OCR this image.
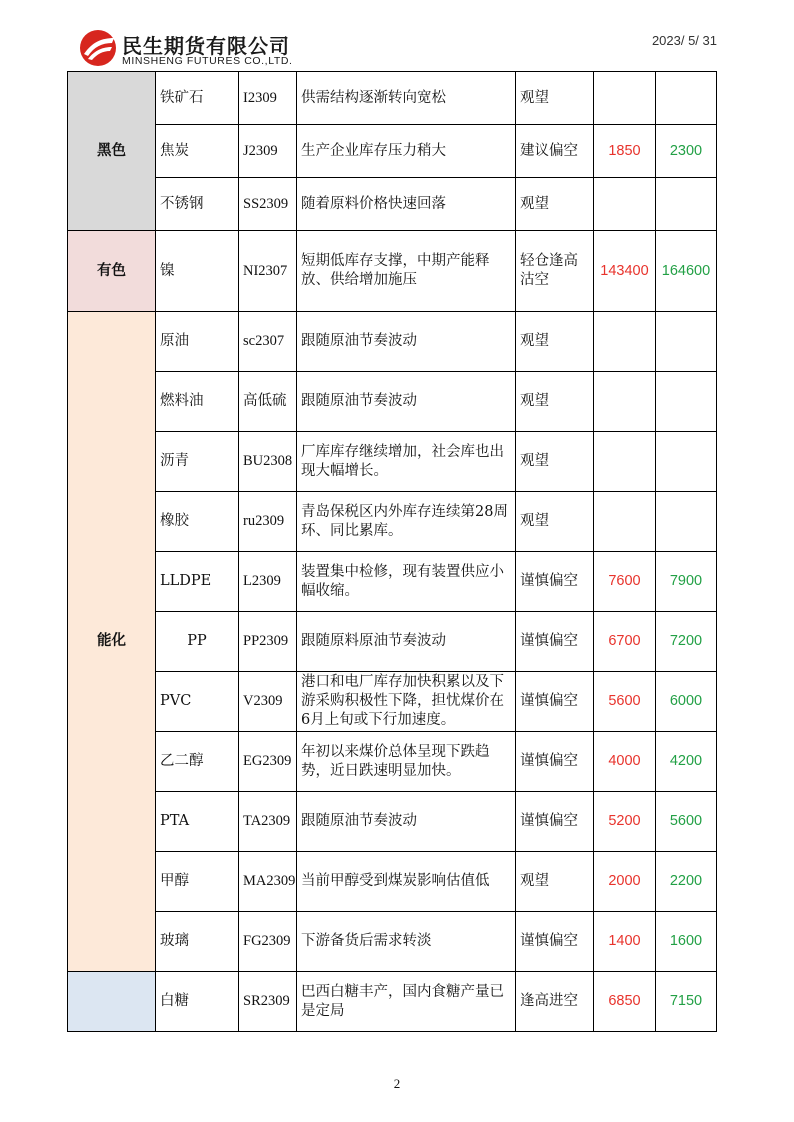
民生期货有限公司
MINSHENG FUTURES CO.,LTD.
2023/ 5/ 31
黑色	铁矿石	I2309	供需结构逐渐转向宽松	观望		
	焦炭	J2309	生产企业库存压力稍大	建议偏空	1850	2300
	不锈钢	SS2309	随着原料价格快速回落	观望		
有色	镍	NI2307	短期低库存支撑，中期产能释放、供给增加施压	轻仓逢高沽空	143400	164600
能化	原油	sc2307	跟随原油节奏波动	观望		
	燃料油	高低硫	跟随原油节奏波动	观望		
	沥青	BU2308	厂库库存继续增加，社会库也出现大幅增长。	观望		
	橡胶	ru2309	青岛保税区内外库存连续第28周环、同比累库。	观望		
	LLDPE	L2309	装置集中检修，现有装置供应小幅收缩。	谨慎偏空	7600	7900
	PP	PP2309	跟随原料原油节奏波动	谨慎偏空	6700	7200
	PVC	V2309	港口和电厂库存加快积累以及下游采购积极性下降，担忧煤价在6月上旬或下行加速度。	谨慎偏空	5600	6000
	乙二醇	EG2309	年初以来煤价总体呈现下跌趋势，近日跌速明显加快。	谨慎偏空	4000	4200
	PTA	TA2309	跟随原油节奏波动	谨慎偏空	5200	5600
	甲醇	MA2309	当前甲醇受到煤炭影响估值低	观望	2000	2200
	玻璃	FG2309	下游备货后需求转淡	谨慎偏空	1400	1600
	白糖	SR2309	巴西白糖丰产，国内食糖产量已是定局	逢高进空	6850	7150
2
